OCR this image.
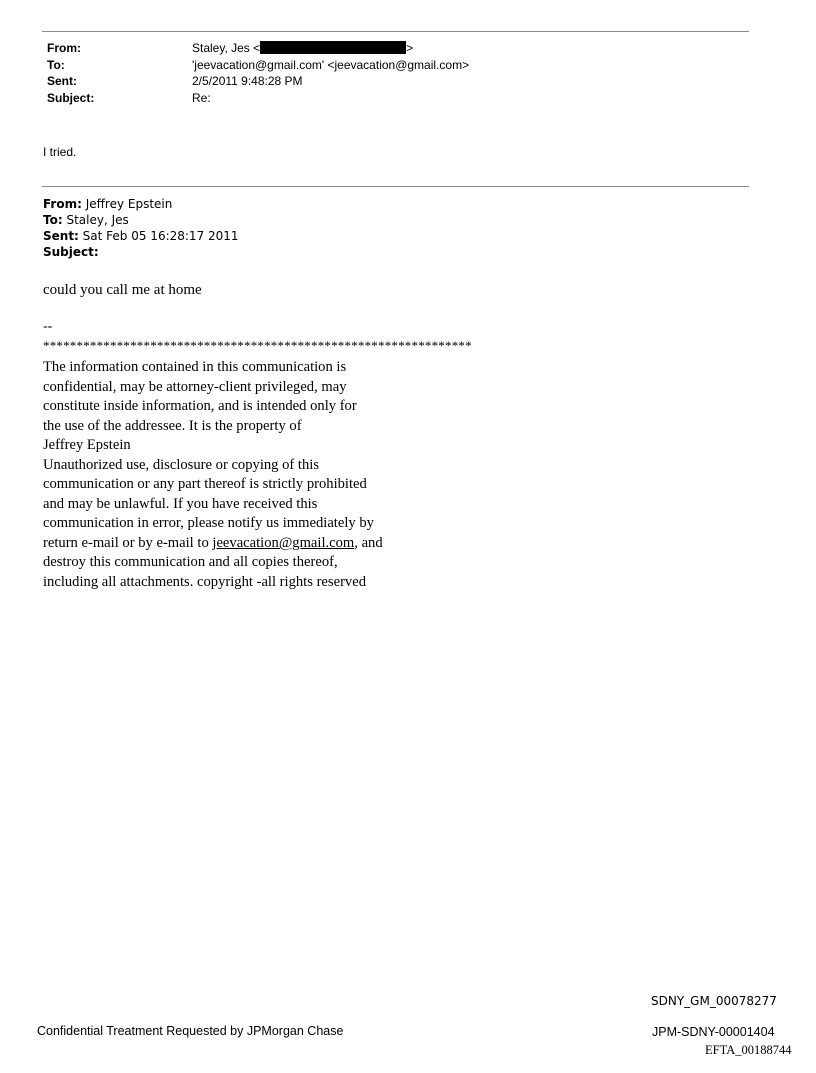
From:	Staley, Jes <	>
To:	'jeevacation@gmail.com' <jeevacation@gmail.com>
Sent:	2/5/2011 9:48:28 PM
Subject:	Re:
I tried.
From: Jeffrey Epstein
To: Staley, Jes
Sent: Sat Feb 05 16:28:17 2011
Subject:
could you call me at home
--
****************************************************************
The information contained in this communication is
confidential, may be attorney-client privileged, may
constitute inside information, and is intended only for
the use of the addressee. It is the property of
Jeffrey Epstein
Unauthorized use, disclosure or copying of this
communication or any part thereof is strictly prohibited
and may be unlawful. If you have received this
communication in error, please notify us immediately by
return e-mail or by e-mail to jeevacation@gmail.com, and
destroy this communication and all copies thereof,
including all attachments. copyright -all rights reserved
SDNY_GM_00078277
Confidential Treatment Requested by JPMorgan Chase	JPM-SDNY-00001404
EFTA_00188744
